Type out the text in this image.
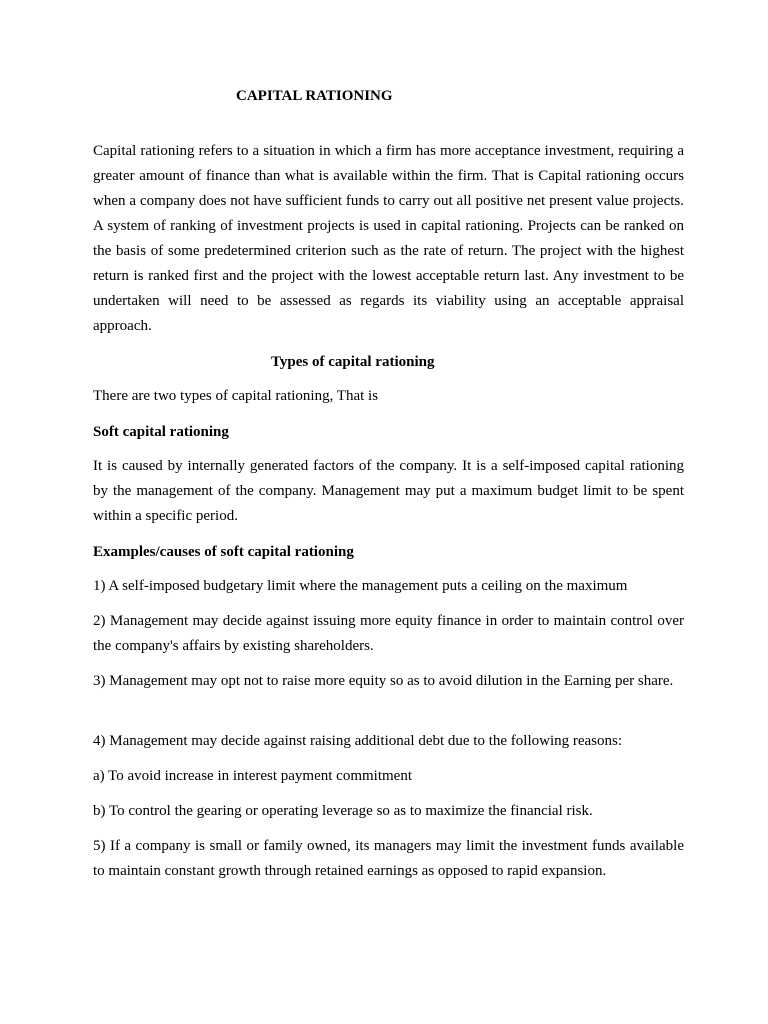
CAPITAL RATIONING

Capital rationing refers to a situation in which a firm has more acceptance investment, requiring a greater amount of finance than what is available within the firm. That is Capital rationing occurs when a company does not have sufficient funds to carry out all positive net present value projects. A system of ranking of investment projects is used in capital rationing. Projects can be ranked on the basis of some predetermined criterion such as the rate of return. The project with the highest return is ranked first and the project with the lowest acceptable return last. Any investment to be undertaken will need to be assessed as regards its viability using an acceptable appraisal approach.

Types of capital rationing

There are two types of capital rationing, That is

Soft capital rationing

It is caused by internally generated factors of the company. It is a self-imposed capital rationing by the management of the company. Management may put a maximum budget limit to be spent within a specific period.

Examples/causes of soft capital rationing

1) A self-imposed budgetary limit where the management puts a ceiling on the maximum

2) Management may decide against issuing more equity finance in order to maintain control over the company's affairs by existing shareholders.

3) Management may opt not to raise more equity so as to avoid dilution in the Earning per share.

4) Management may decide against raising additional debt due to the following reasons:

a) To avoid increase in interest payment commitment

b) To control the gearing or operating leverage so as to maximize the financial risk.

5) If a company is small or family owned, its managers may limit the investment funds available to maintain constant growth through retained earnings as opposed to rapid expansion.
